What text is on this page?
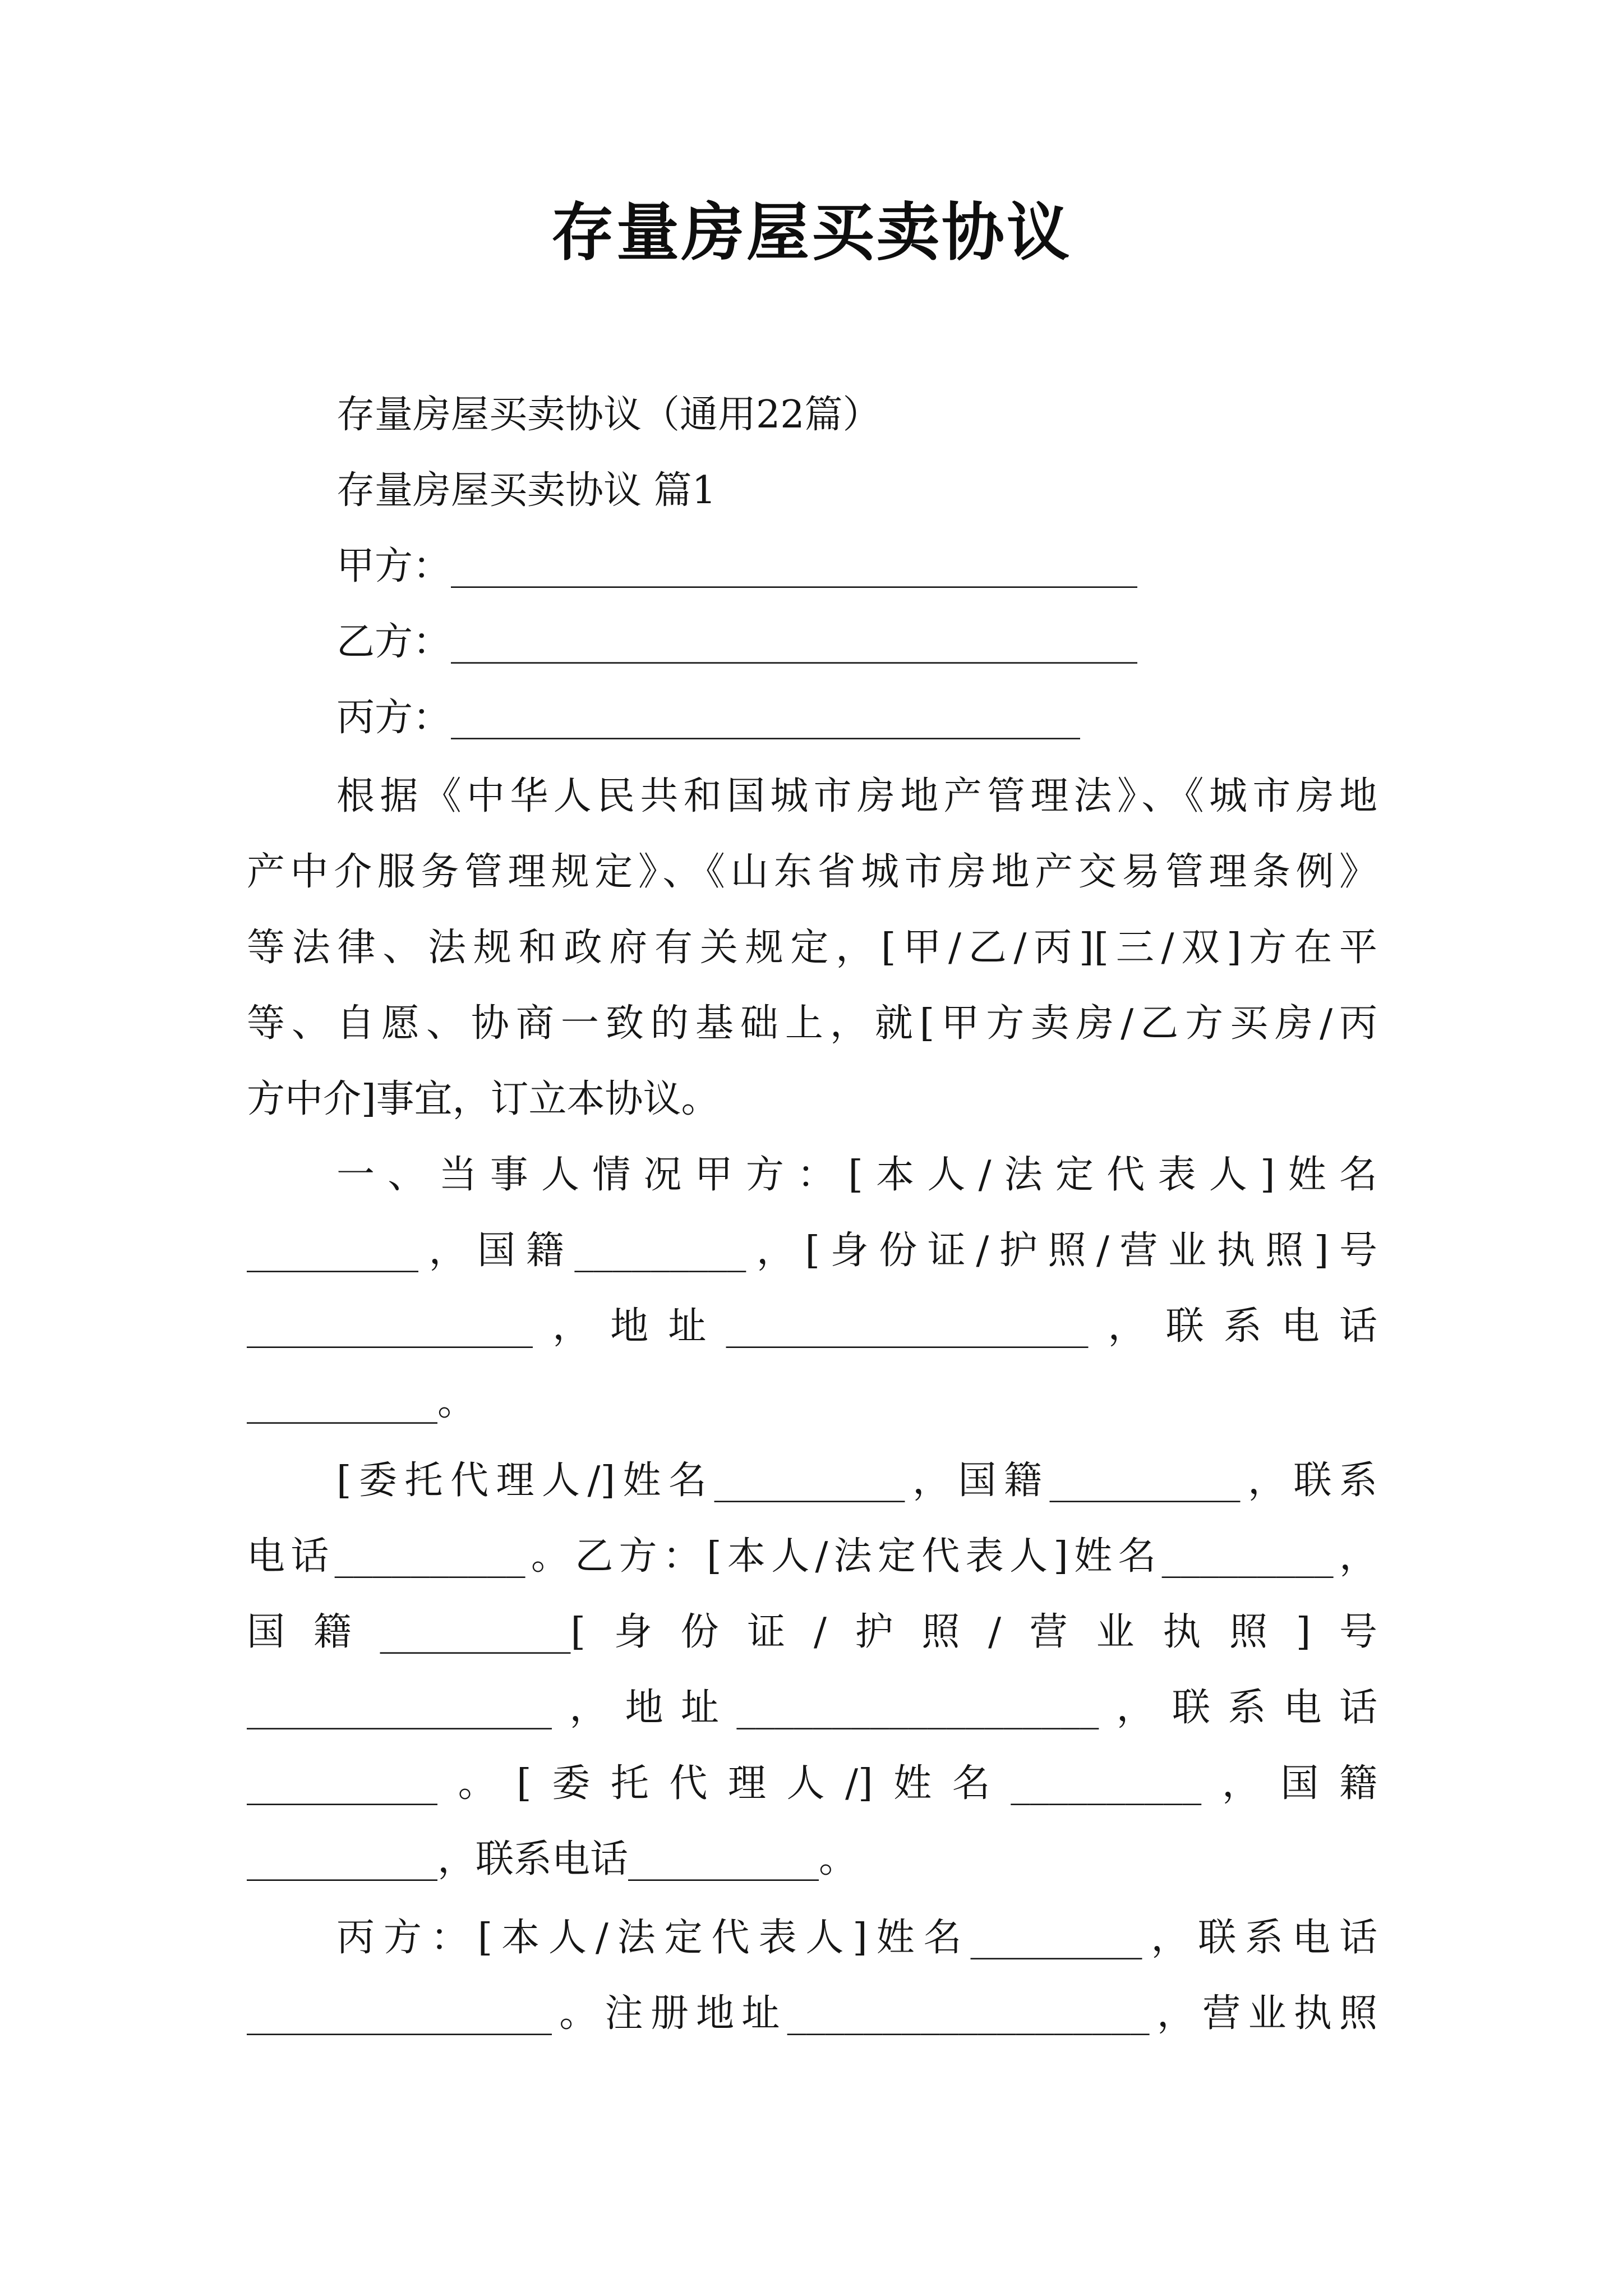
存量房屋买卖协议
存量房屋买卖协议（通用22篇）
存量房屋买卖协议 篇1
甲方：____________________________________
乙方：____________________________________
丙方：_________________________________
根据《中华人民共和国城市房地产管理法》、《城市房地
产中介服务管理规定》、《山东省城市房地产交易管理条例》
等法律、法规和政府有关规定，[甲/乙/丙][三/双]方在平
等、自愿、协商一致的基础上，就[甲方卖房/乙方买房/丙
方中介]事宜，订立本协议。
一、当事人情况甲方：[本人/法定代表人]姓名
_________，国籍_________，[身份证/护照/营业执照]号
_______________，地址___________________，联系电话
__________。
[委托代理人/]姓名__________，国籍__________，联系
电话__________。乙方：[本人/法定代表人]姓名_________，
国籍__________[身份证/护照/营业执照]号
________________，地址___________________，联系电话
__________。[委托代理人/]姓名__________，国籍
__________，联系电话__________。
丙方：[本人/法定代表人]姓名_________，联系电话
________________。注册地址___________________，营业执照
